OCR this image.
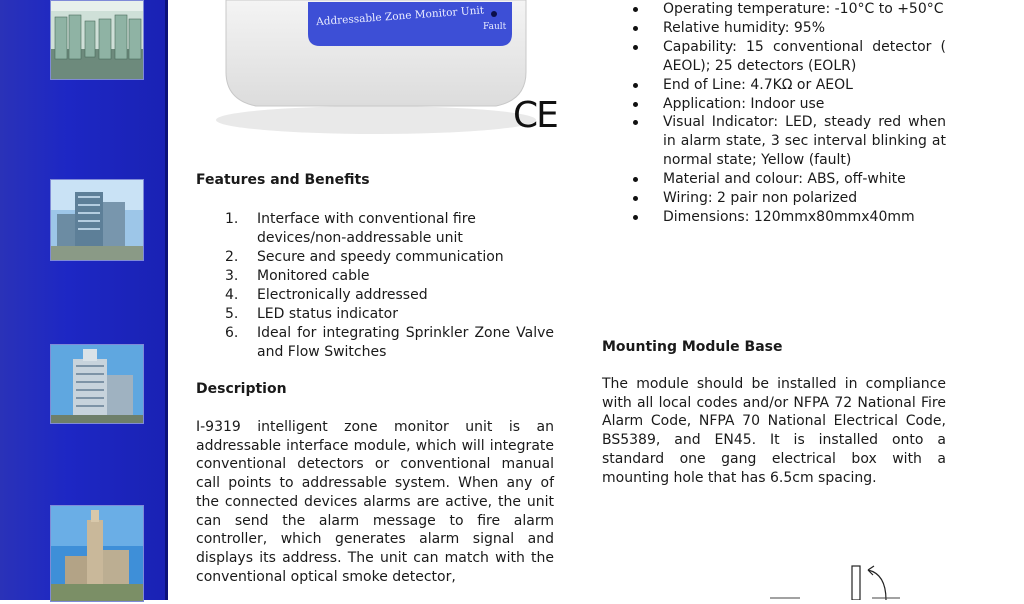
Addressable Zone Monitor Unit
Fault
CE
Features and Benefits
1. Interface with conventional fire devices/non-addressable unit
2. Secure and speedy communication
3. Monitored cable
4. Electronically addressed
5. LED status indicator
6. Ideal for integrating Sprinkler Zone Valve and Flow Switches
Description

I-9319 intelligent zone monitor unit is an addressable interface module, which will integrate conventional detectors or conventional manual call points to addressable system. When any of the connected devices alarms are active, the unit can send the alarm message to fire alarm controller, which generates alarm signal and displays its address. The unit can match with the conventional optical smoke detector,

Operating temperature: -10°C to +50°C
Relative humidity: 95%
Capability: 15 conventional detector ( AEOL); 25 detectors (EOLR)
End of Line: 4.7KΩ or AEOL
Application: Indoor use
Visual Indicator: LED, steady red when in alarm state, 3 sec interval blinking at normal state; Yellow (fault)
Material and colour: ABS, off-white
Wiring: 2 pair non polarized
Dimensions: 120mmx80mmx40mm
Mounting Module Base

The module should be installed in compliance with all local codes and/or NFPA 72 National Fire Alarm Code, NFPA 70 National Electrical Code, BS5389, and EN45. It is installed onto a standard one gang electrical box with a mounting hole that has 6.5cm spacing.
